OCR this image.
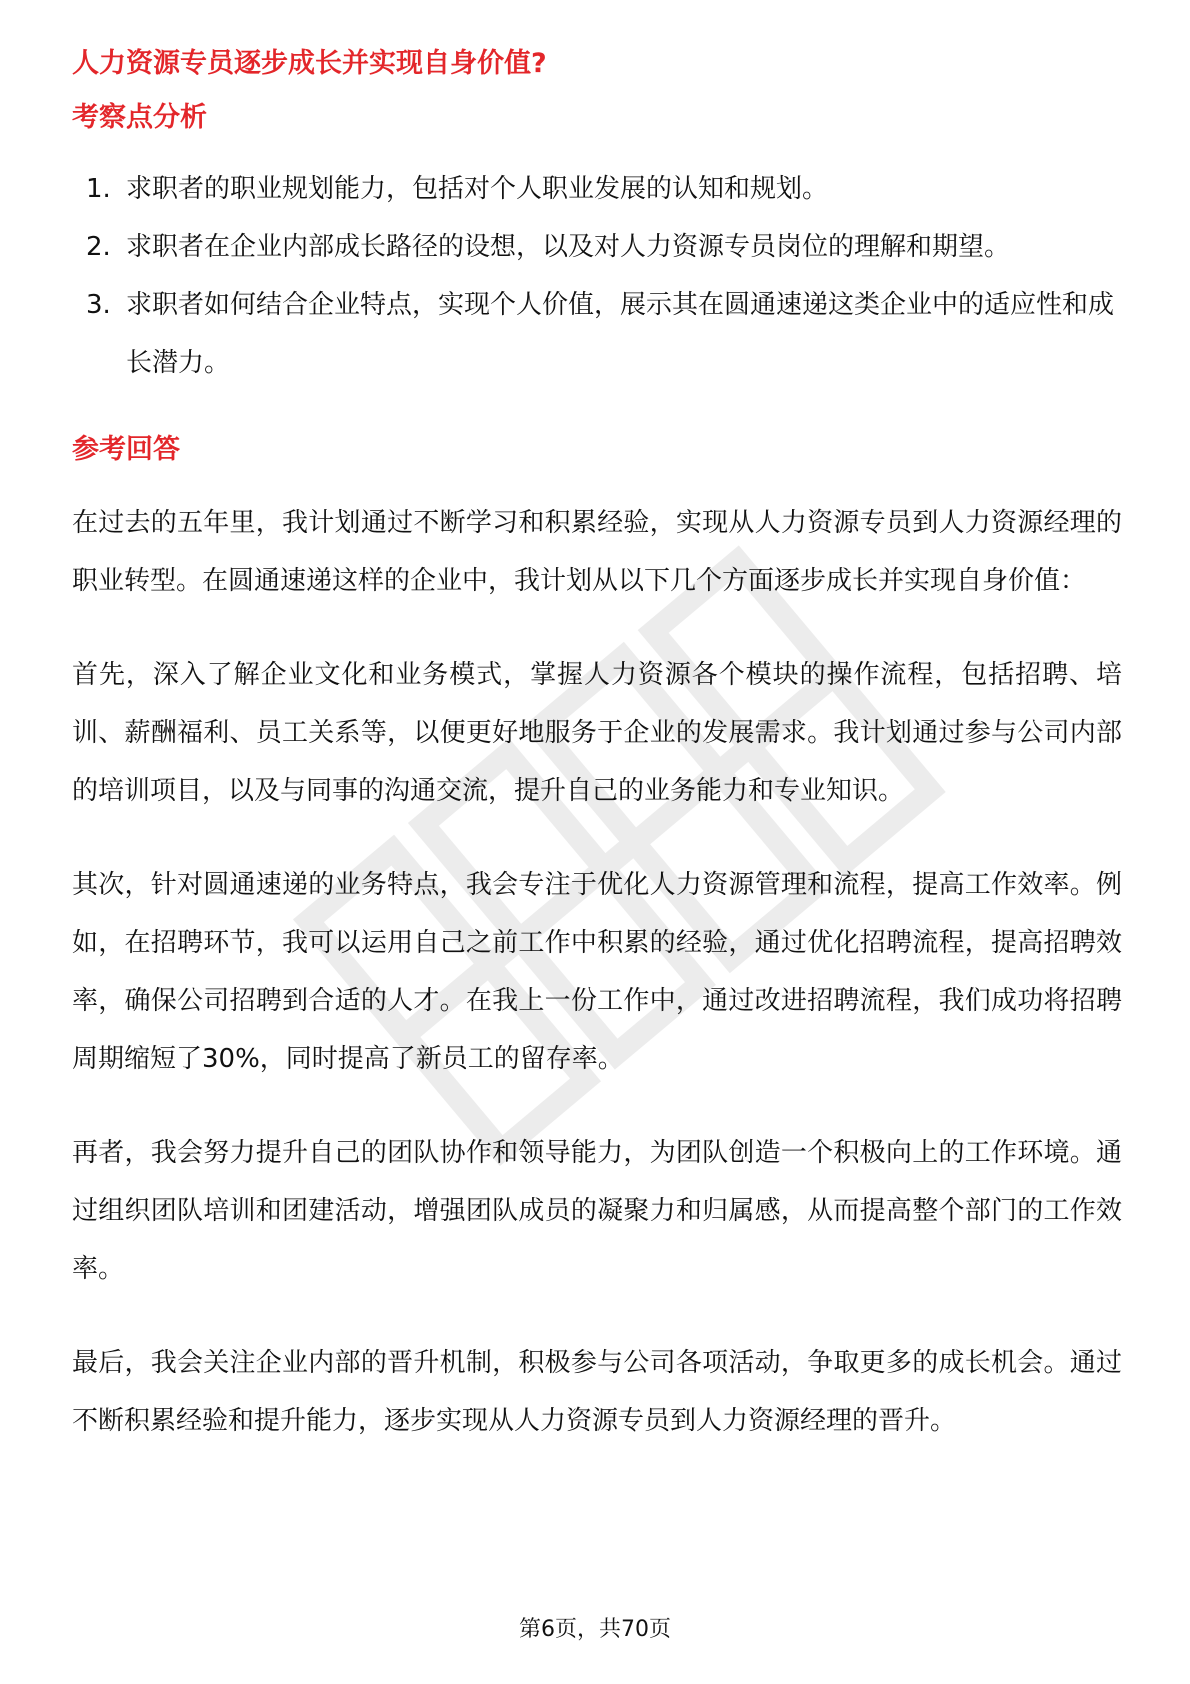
人力资源专员逐步成长并实现自身价值?
考察点分析
1. 求职者的职业规划能力，包括对个人职业发展的认知和规划。
2. 求职者在企业内部成长路径的设想，以及对人力资源专员岗位的理解和期望。
3. 求职者如何结合企业特点，实现个人价值，展示其在圆通速递这类企业中的适应性和成长潜力。
参考回答

在过去的五年里，我计划通过不断学习和积累经验，实现从人力资源专员到人力资源经理的职业转型。在圆通速递这样的企业中，我计划从以下几个方面逐步成长并实现自身价值：

首先，深入了解企业文化和业务模式，掌握人力资源各个模块的操作流程，包括招聘、培训、薪酬福利、员工关系等，以便更好地服务于企业的发展需求。我计划通过参与公司内部的培训项目，以及与同事的沟通交流，提升自己的业务能力和专业知识。

其次，针对圆通速递的业务特点，我会专注于优化人力资源管理和流程，提高工作效率。例如，在招聘环节，我可以运用自己之前工作中积累的经验，通过优化招聘流程，提高招聘效率，确保公司招聘到合适的人才。在我上一份工作中，通过改进招聘流程，我们成功将招聘周期缩短了30%，同时提高了新员工的留存率。

再者，我会努力提升自己的团队协作和领导能力，为团队创造一个积极向上的工作环境。通过组织团队培训和团建活动，增强团队成员的凝聚力和归属感，从而提高整个部门的工作效率。

最后，我会关注企业内部的晋升机制，积极参与公司各项活动，争取更多的成长机会。通过不断积累经验和提升能力，逐步实现从人力资源专员到人力资源经理的晋升。

第6页，共70页
